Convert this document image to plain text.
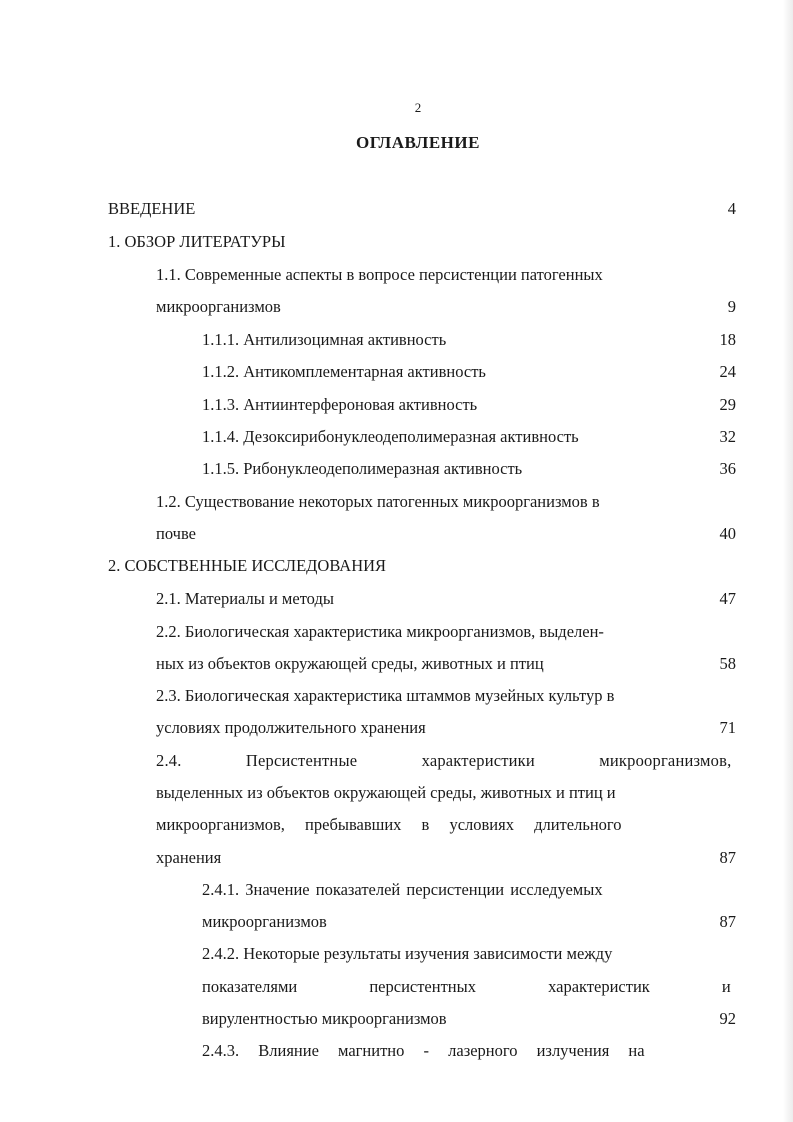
2
ОГЛАВЛЕНИЕ
ВВЕДЕНИЕ	4
1. ОБЗОР ЛИТЕРАТУРЫ
1.1. Современные аспекты в вопросе персистенции патогенных
микроорганизмов	9
1.1.1. Антилизоцимная активность	18
1.1.2. Антикомплементарная активность	24
1.1.3. Антиинтерфероновая активность	29
1.1.4. Дезоксирибонуклеодеполимеразная активность	32
1.1.5. Рибонуклеодеполимеразная активность	36
1.2. Существование некоторых патогенных микроорганизмов в
почве	40
2. СОБСТВЕННЫЕ ИССЛЕДОВАНИЯ
2.1. Материалы и методы	47
2.2. Биологическая характеристика микроорганизмов, выделен-
ных из объектов окружающей среды, животных и птиц	58
2.3. Биологическая характеристика штаммов музейных культур в
условиях продолжительного хранения	71
2.4. Персистентные характеристики микроорганизмов,
выделенных из объектов окружающей среды, животных и птиц и
микроорганизмов, пребывавших в условиях длительного
хранения	87
2.4.1. Значение показателей персистенции исследуемых
микроорганизмов	87
2.4.2. Некоторые результаты изучения зависимости между
показателями персистентных характеристик и
вирулентностью микроорганизмов	92
2.4.3. Влияние магнитно - лазерного излучения на
